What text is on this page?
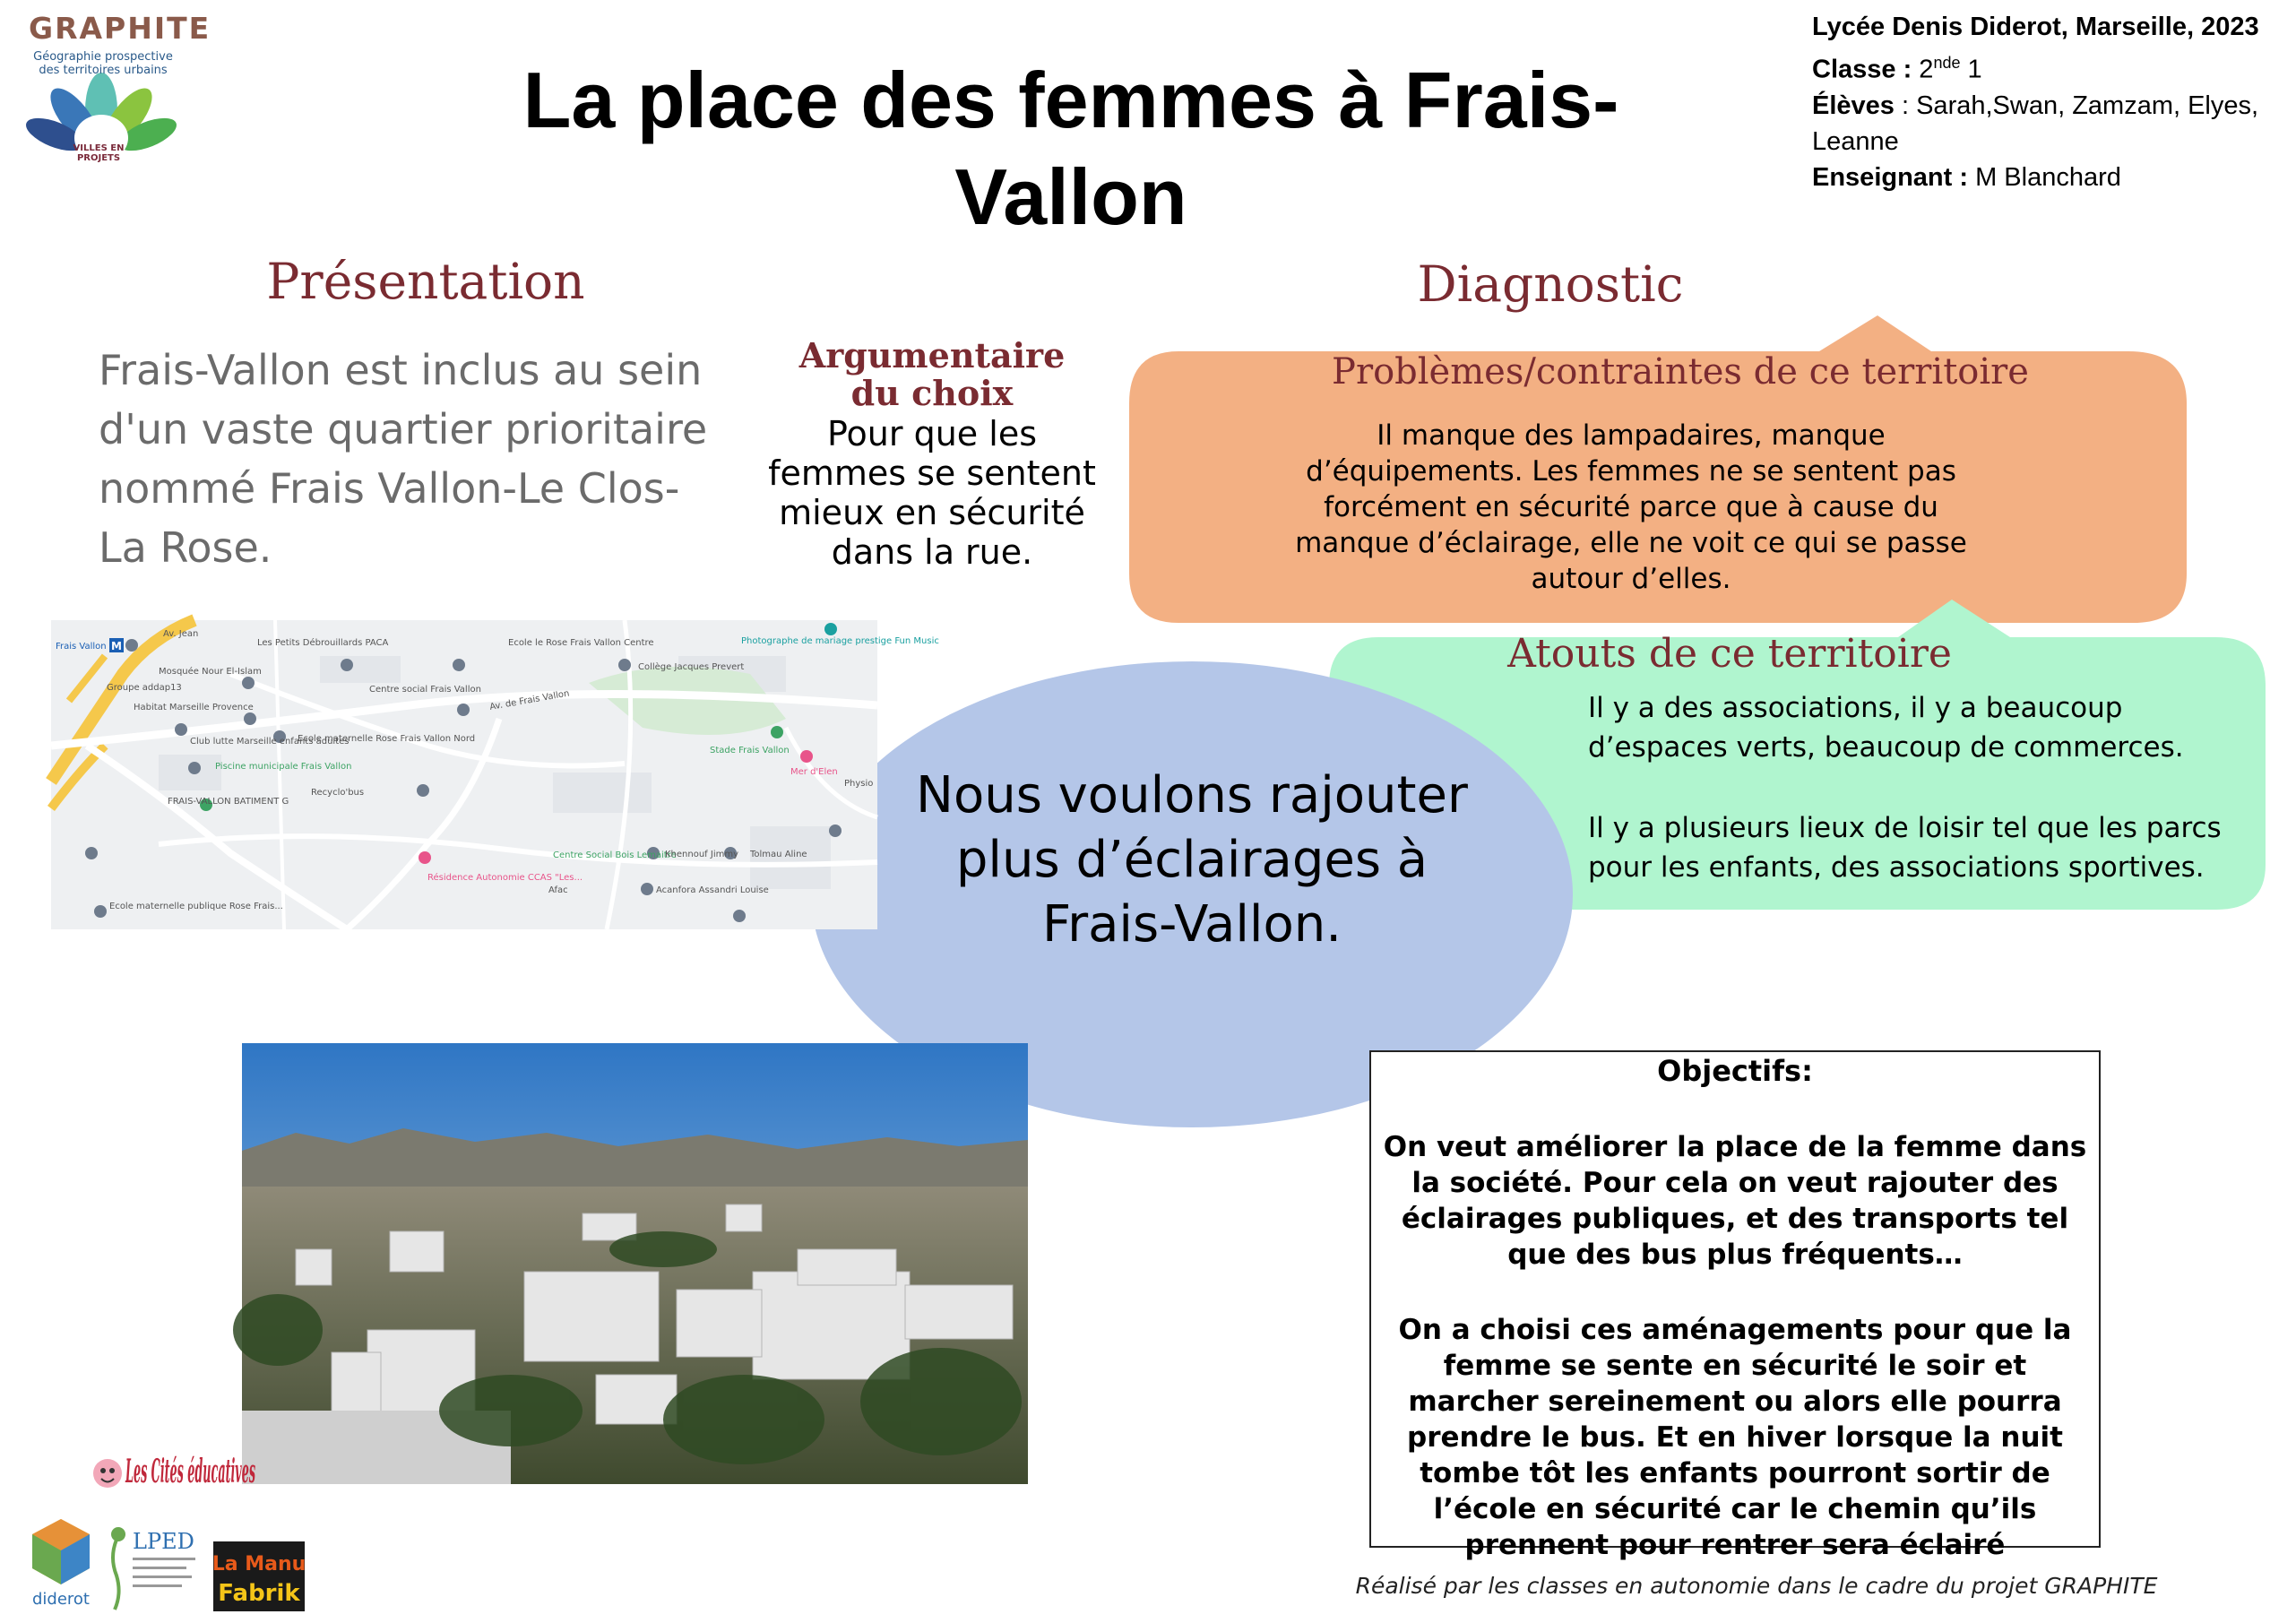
GRAPHITE
Géographie prospective des territoires urbains
VILLES EN PROJETS
La place des femmes à Frais-Vallon
Lycée Denis Diderot, Marseille, 2023
Classe : 2nde 1
Élèves : Sarah,Swan, Zamzam, Elyes, Leanne
Enseignant : M Blanchard
Présentation
Frais-Vallon est inclus au sein d'un vaste quartier prioritaire nommé Frais Vallon-Le Clos-La Rose.
Argumentaire du choix
Pour que les femmes se sentent mieux en sécurité dans la rue.
Diagnostic
Problèmes/contraintes de ce territoire
Il manque des lampadaires, manque d’équipements. Les femmes ne se sentent pas forcément en sécurité parce que à cause du manque d’éclairage, elle ne voit ce qui se passe autour d’elles.
Atouts de ce territoire
Il y a des associations, il y a beaucoup d’espaces verts, beaucoup de commerces.
Il y a plusieurs lieux de loisir tel que les parcs pour les enfants, des associations sportives.
Nous voulons rajouter plus d’éclairages à Frais-Vallon.
M
Frais Vallon
Av. Jean
Les Petits Débrouillards PACA	Ecole le Rose Frais Vallon Centre	Photographe de mariage prestige Fun Music
Mosquée Nour El-Islam	Collège Jacques Prevert
Groupe addap13	Centre social Frais Vallon
Habitat Marseille Provence
Ecole maternelle Rose Frais Vallon Nord
Av. de Frais Vallon
Club lutte Marseille enfants adultes
Piscine municipale Frais Vallon
Stade Frais Vallon
Mer d'Elen
Recyclo'bus
FRAIS-VALLON BATIMENT G
Résidence Autonomie CCAS "Les...
Centre Social Bois Lemaitre
Khennouf Jimmy Tolmau Aline
Acanfora Assandri Louise
Ecole maternelle publique Rose Frais...
Afac
Physio
Objectifs:
On veut améliorer la place de la femme dans la société. Pour cela on veut rajouter des éclairages publiques, et des transports tel que des bus plus fréquents…
On a choisi ces aménagements pour que la femme se sente en sécurité le soir et marcher sereinement ou alors elle pourra prendre le bus. Et en hiver lorsque la nuit tombe tôt les enfants pourront sortir de l’école en sécurité car le chemin qu’ils prennent pour rentrer sera éclairé
Réalisé par les classes en autonomie dans le cadre du projet GRAPHITE
Les Cités éducatives
diderot
LPED
La Manu
Fabrik
